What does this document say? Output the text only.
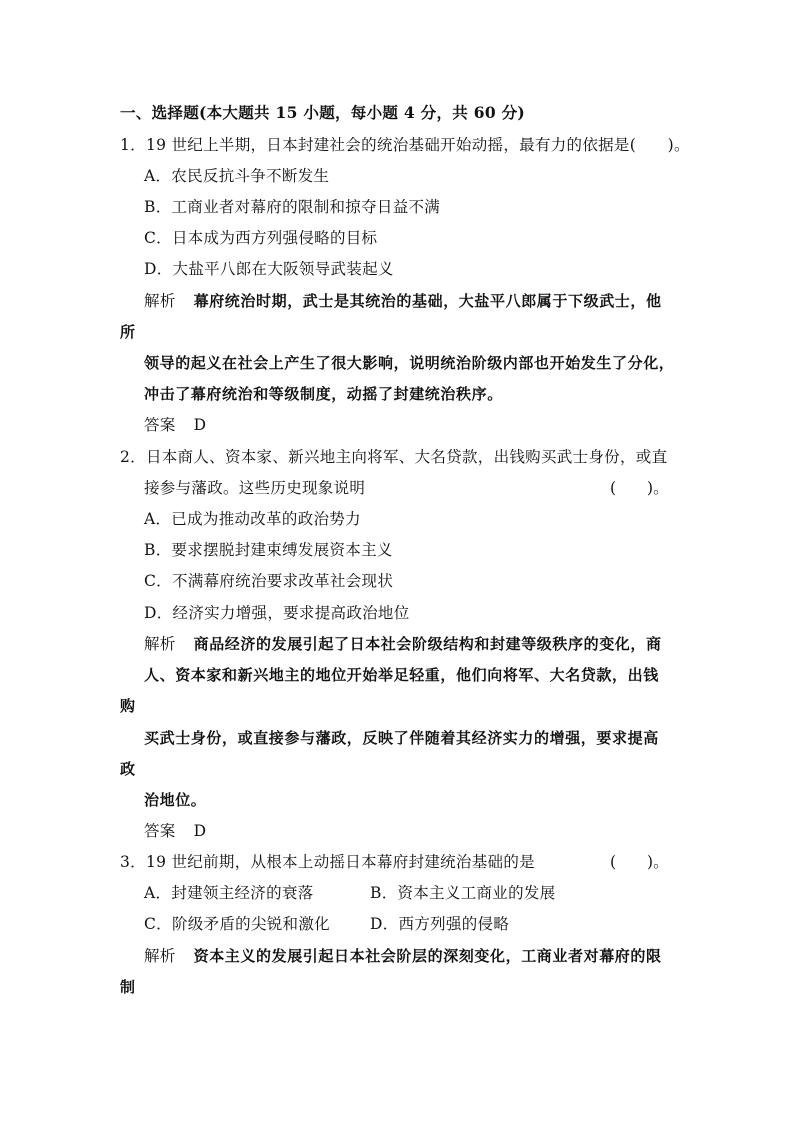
一、选择题(本大题共 15 小题，每小题 4 分，共 60 分)
1．19 世纪上半期，日本封建社会的统治基础开始动摇，最有力的依据是(　　)。
A．农民反抗斗争不断发生
B．工商业者对幕府的限制和掠夺日益不满
C．日本成为西方列强侵略的目标
D．大盐平八郎在大阪领导武装起义
解析 幕府统治时期，武士是其统治的基础，大盐平八郎属于下级武士，他
所
领导的起义在社会上产生了很大影响，说明统治阶级内部也开始发生了分化，
冲击了幕府统治和等级制度，动摇了封建统治秩序。
答案 D
2．日本商人、资本家、新兴地主向将军、大名贷款，出钱购买武士身份，或直
接参与藩政。这些历史现象说明	(　　)。
A．已成为推动改革的政治势力
B．要求摆脱封建束缚发展资本主义
C．不满幕府统治要求改革社会现状
D．经济实力增强，要求提高政治地位
解析 商品经济的发展引起了日本社会阶级结构和封建等级秩序的变化，商
人、资本家和新兴地主的地位开始举足轻重，他们向将军、大名贷款，出钱
购
买武士身份，或直接参与藩政，反映了伴随着其经济实力的增强，要求提高
政
治地位。
答案 D
3．19 世纪前期，从根本上动摇日本幕府封建统治基础的是	(　　)。
A．封建领主经济的衰落	B．资本主义工商业的发展
C．阶级矛盾的尖锐和激化	D．西方列强的侵略
解析 资本主义的发展引起日本社会阶层的深刻变化，工商业者对幕府的限
制
